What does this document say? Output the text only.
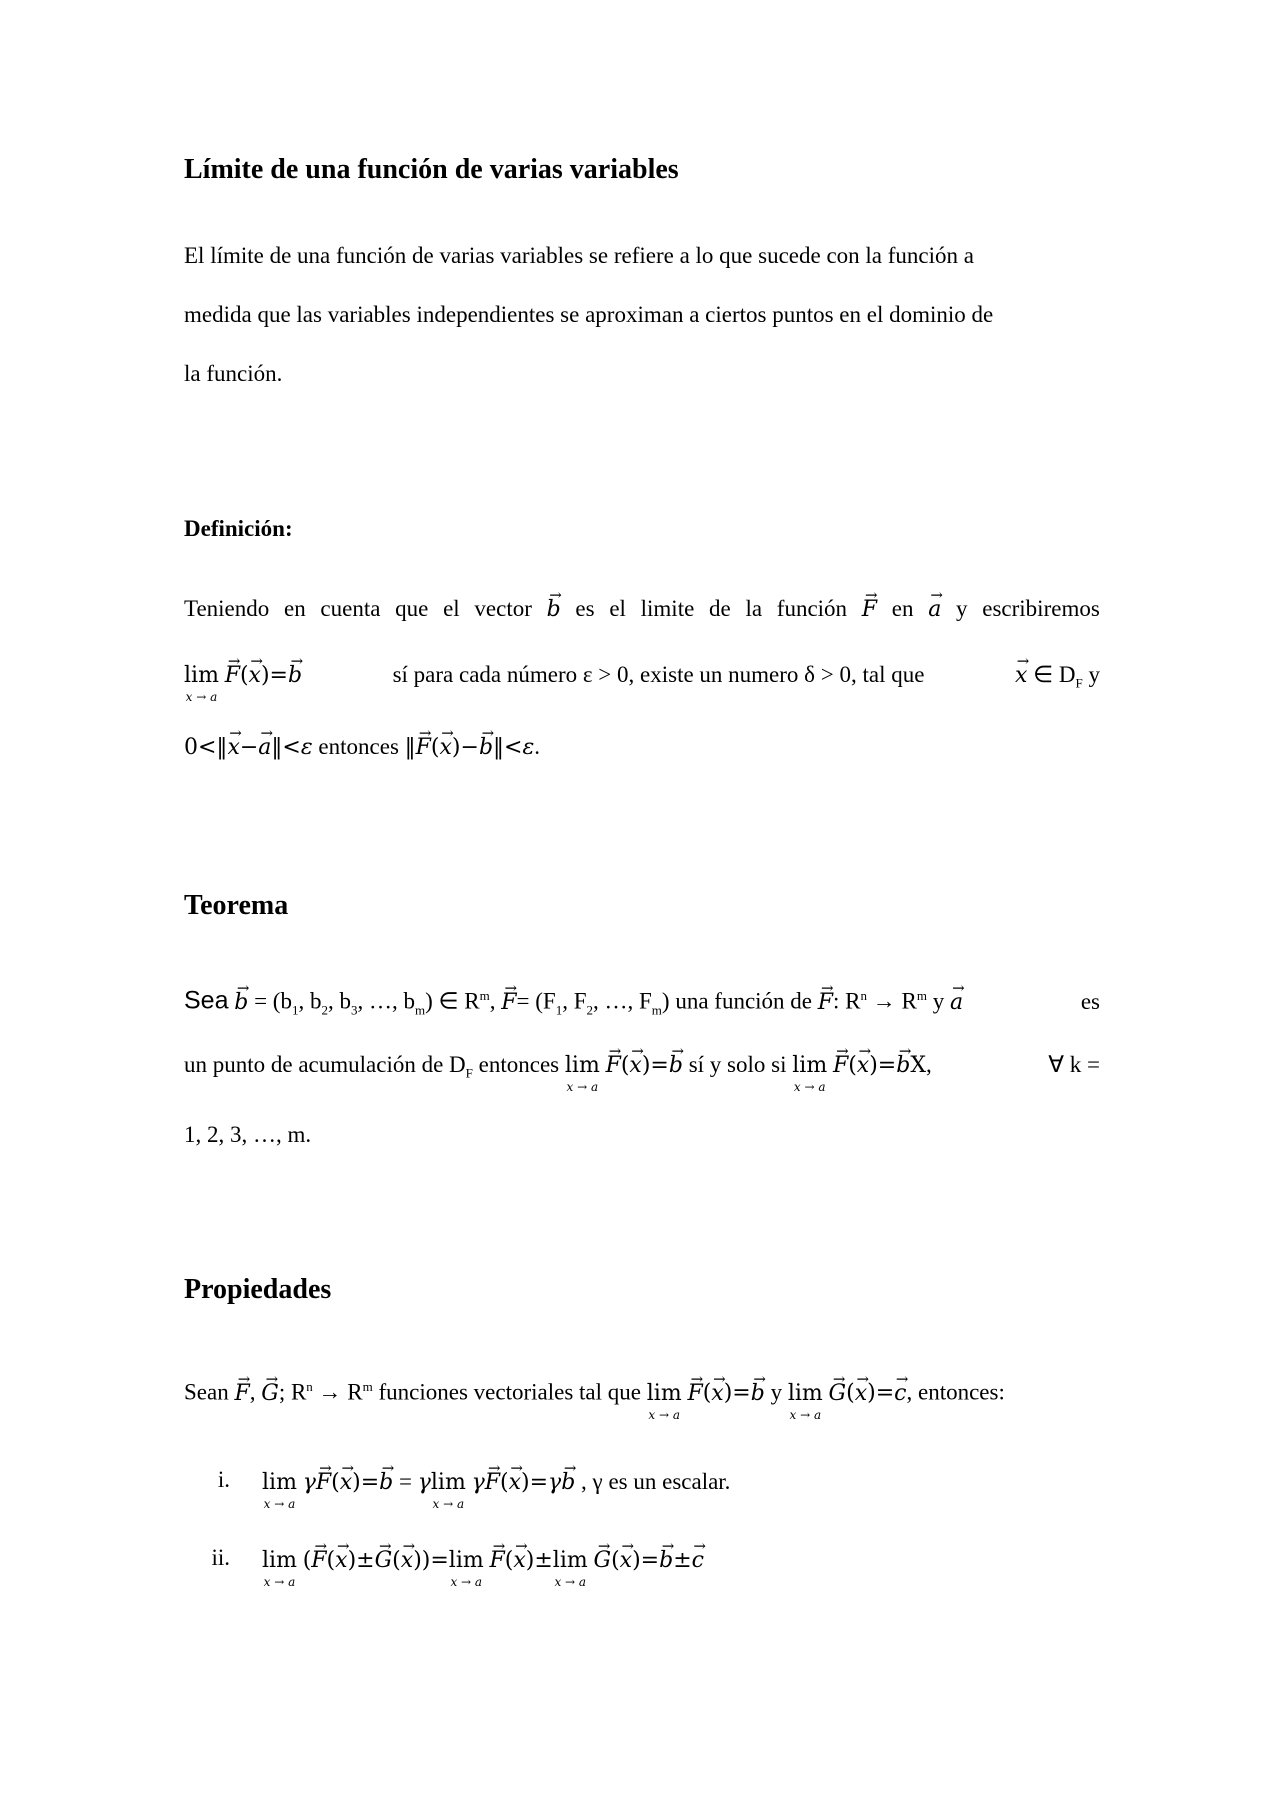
Límite de una función de varias variables
El límite de una función de varias variables se refiere a lo que sucede con la función a
medida que las variables independientes se aproximan a ciertos puntos en el dominio de
la función.
Definición:
Teniendo en cuenta que el vector → b es el limite de la función → F en → a y escribiremos
lim
x → a
→ F(→ x)=→ b	sí para cada número ε > 0, existe un numero δ > 0, tal que	→ x ∈ $D_F$ y
0<‖→ x−→ a‖<ε entonces ‖→ F(→ x)−→ b‖<ε.
Teorema
Sea → $b = (b_1$, $b_2$, $b_3$, …, $b_m$) ∈ $R^m$, → $F= (F_1$, $F_2$, …, $F_m$) una función de → F: $R^n \to R^m$ y → a	es
un punto de acumulación de $D_F$ entonces lim
x → a
→ F(→ x)=→ b sí y solo si lim
x → a
→ F(→ x)=→ bX,	∀ k =
1, 2, 3, …, m.
Propiedades
Sean → F, → G; $R^n \to R^m$ funciones vectoriales tal que lim
x → a
→ F(→ x)=→ b y lim
x → a
→ G(→ x)=→ c, entonces:
i. lim
x → a
γ→ F(→ x)=→ b = γ lim
x → a
γ→ F(→ x)=γ→ b , γ es un escalar.
ii. lim
x → a
(→ F(→ x)±→ G(→ x))= lim
x → a
→ F(→ x)± lim
x → a
→ G(→ x)=→ b±→ c
